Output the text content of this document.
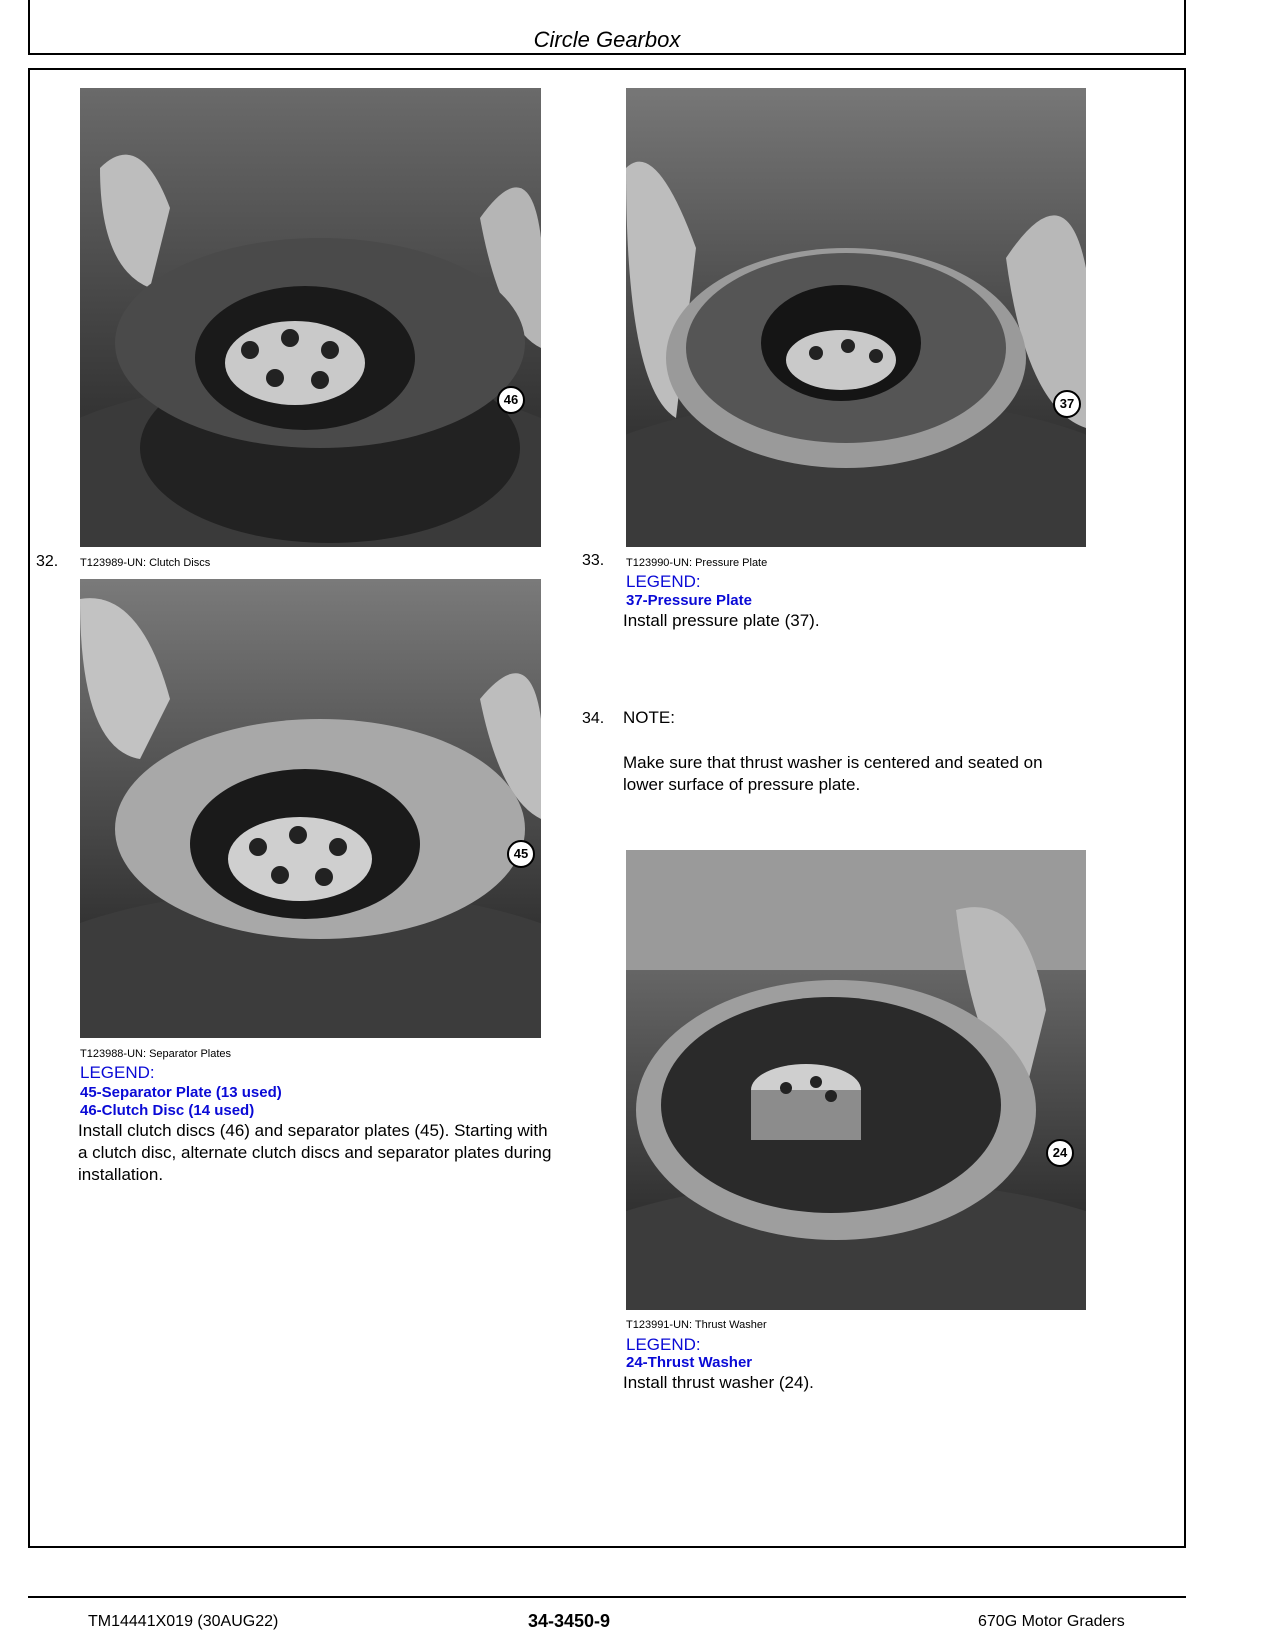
Circle Gearbox
46
32. T123989-UN: Clutch Discs
45
T123988-UN: Separator Plates
LEGEND:
45-Separator Plate (13 used)
46-Clutch Disc (14 used)
Install clutch discs (46) and separator plates (45). Starting with
a clutch disc, alternate clutch discs and separator plates during
installation.
37
33. T123990-UN: Pressure Plate
LEGEND:
37-Pressure Plate
Install pressure plate (37).
34. NOTE:
Make sure that thrust washer is centered and seated on
lower surface of pressure plate.
24
T123991-UN: Thrust Washer
LEGEND:
24-Thrust Washer
Install thrust washer (24).
TM14441X019 (30AUG22)	34-3450-9	670G Motor Graders
